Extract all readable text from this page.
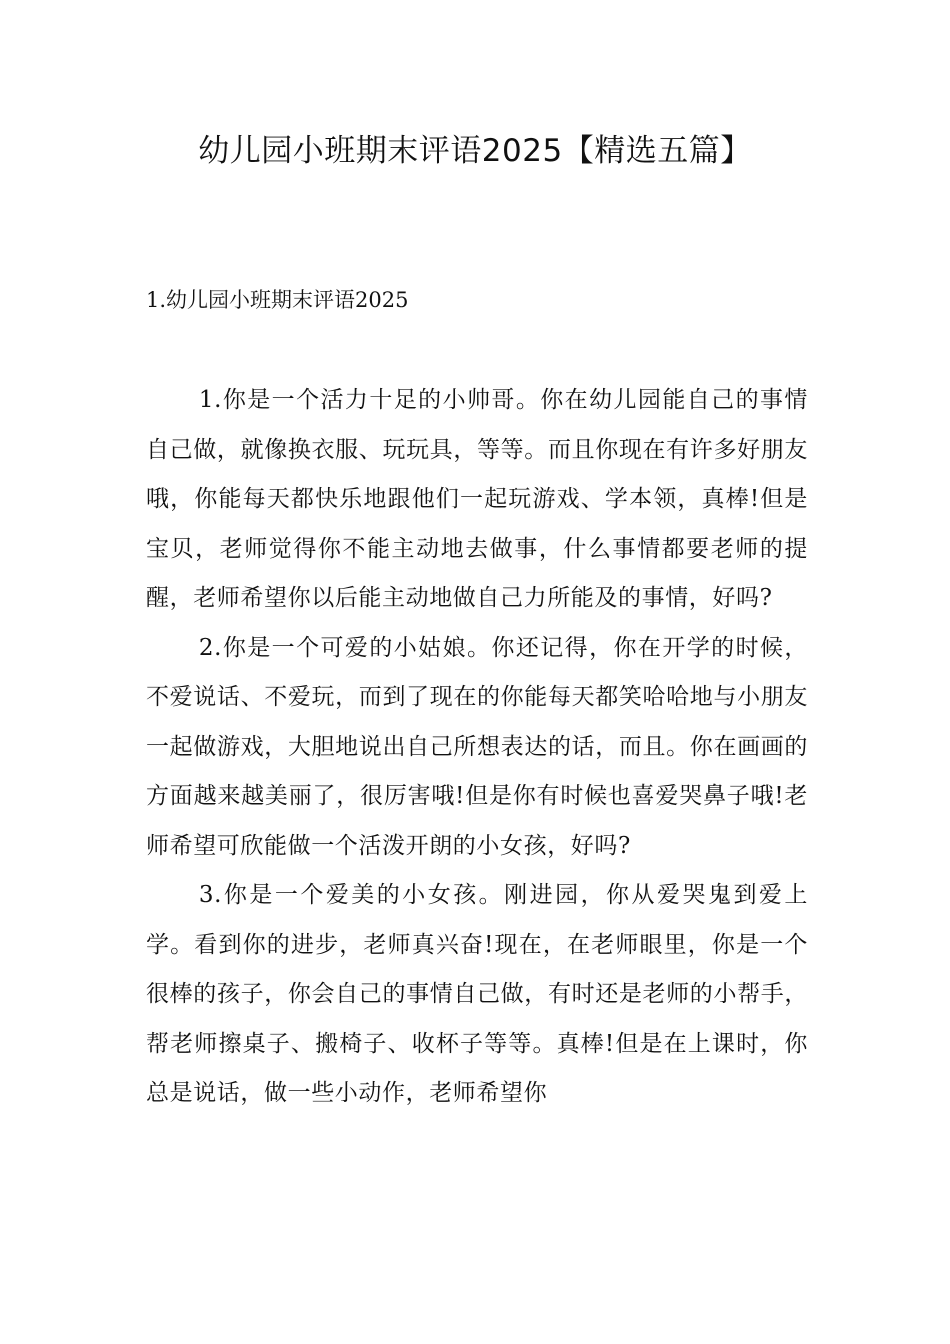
幼儿园小班期末评语2025【精选五篇】
1.幼儿园小班期末评语2025

1.你是一个活力十足的小帅哥。你在幼儿园能自己的事情自己做，就像换衣服、玩玩具，等等。而且你现在有许多好朋友哦，你能每天都快乐地跟他们一起玩游戏、学本领，真棒!但是宝贝，老师觉得你不能主动地去做事，什么事情都要老师的提醒，老师希望你以后能主动地做自己力所能及的事情，好吗?

2.你是一个可爱的小姑娘。你还记得，你在开学的时候，不爱说话、不爱玩，而到了现在的你能每天都笑哈哈地与小朋友一起做游戏，大胆地说出自己所想表达的话，而且。你在画画的方面越来越美丽了，很厉害哦!但是你有时候也喜爱哭鼻子哦!老师希望可欣能做一个活泼开朗的小女孩，好吗?

3.你是一个爱美的小女孩。刚进园，你从爱哭鬼到爱上学。看到你的进步，老师真兴奋!现在，在老师眼里，你是一个很棒的孩子，你会自己的事情自己做，有时还是老师的小帮手，帮老师擦桌子、搬椅子、收杯子等等。真棒!但是在上课时，你总是说话，做一些小动作，老师希望你
